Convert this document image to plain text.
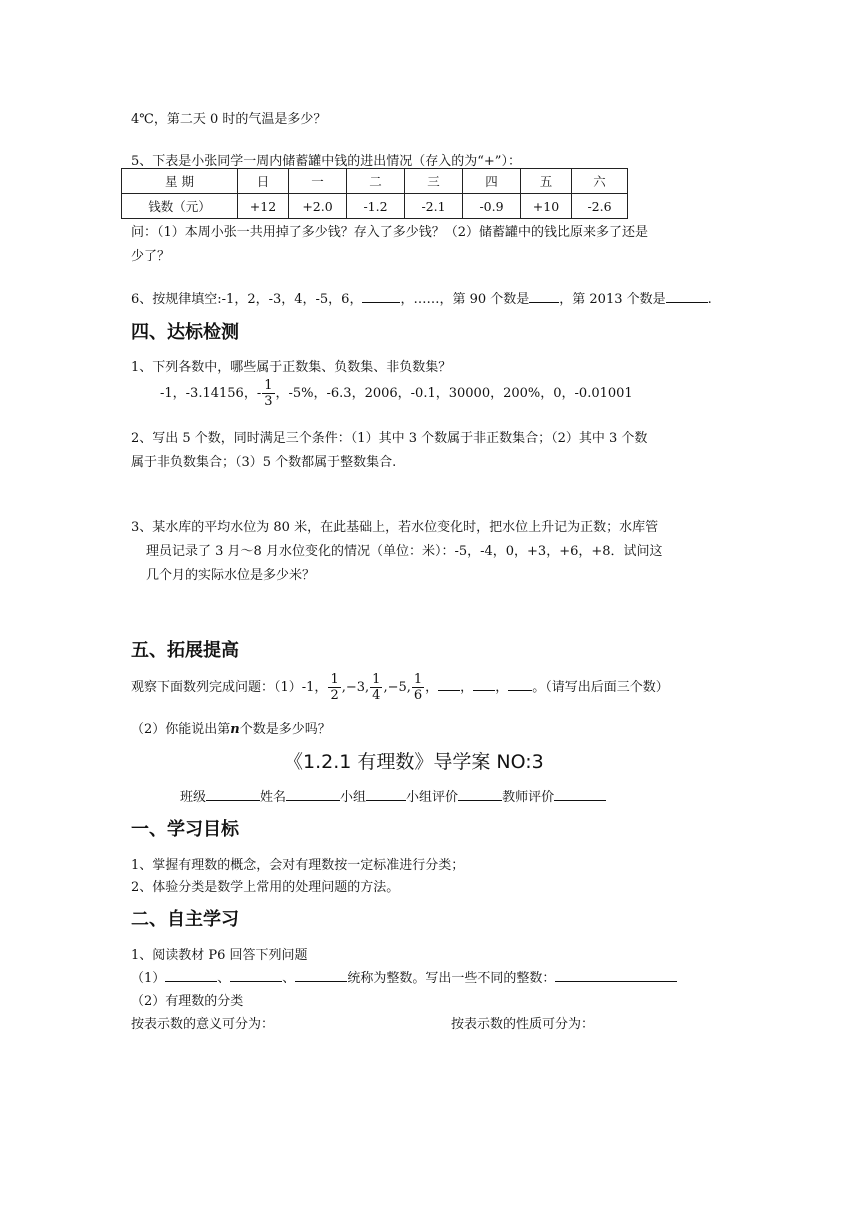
4℃，第二天 0 时的气温是多少？
5、下表是小张同学一周内储蓄罐中钱的进出情况（存入的为“+”）：
星 期	日	一	二	三	四	五	六
钱数（元）	+12	+2.0	-1.2	-2.1	-0.9	+10	-2.6
问：（1）本周小张一共用掉了多少钱？存入了多少钱？（2）储蓄罐中的钱比原来多了还是
少了？
6、按规律填空:-1，2，-3，4，-5，6，	，……，第 90 个数是 ，第 2013 个数是	.
四、达标检测
1、下列各数中，哪些属于正数集、负数集、非负数集？
-1，-3.14156，- $\frac{1}{3}$ ，-5%，-6.3，2006，-0.1，30000，200%，0，-0.01001
2、写出 5 个数，同时满足三个条件：（1）其中 3 个数属于非正数集合；（2）其中 3 个数
属于非负数集合；（3）5 个数都属于整数集合.
3、某水库的平均水位为 80 米，在此基础上，若水位变化时，把水位上升记为正数；水库管
理员记录了 3 月～8 月水位变化的情况（单位：米）：-5，-4，0，+3，+6，+8．试问这
几个月的实际水位是多少米？
五、拓展提高
观察下面数列完成问题：（1）-1， $\frac{1}{2} ,-3$, $\frac{1}{4} ,-5$, $\frac{1}{6}$ ， ， ， 。（请写出后面三个数）
（2）你能说出第n个数是多少吗？
《1.2.1 有理数》导学案 NO:3
班级	姓名	小组	小组评价	教师评价
一、学习目标
1、掌握有理数的概念，会对有理数按一定标准进行分类；
2、体验分类是数学上常用的处理问题的方法。
二、自主学习
1、阅读教材 P6 回答下列问题
（1）	、	、	统称为整数。写出一些不同的整数：
（2）有理数的分类
按表示数的意义可分为：	按表示数的性质可分为：
